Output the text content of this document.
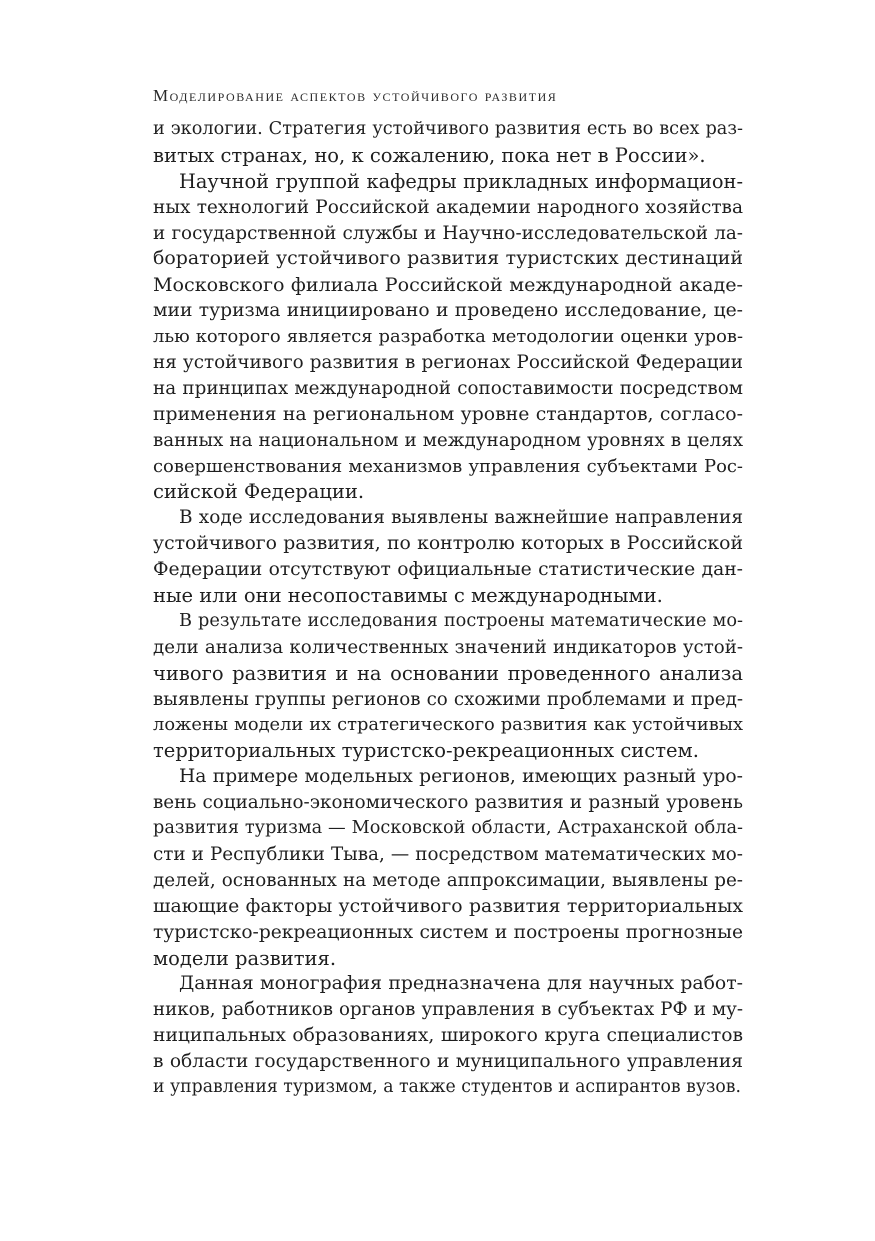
Моделирование аспектов устойчивого развития
и экологии. Стратегия устойчивого развития есть во всех раз-
витых странах, но, к сожалению, пока нет в России».
Научной группой кафедры прикладных информацион-
ных технологий Российской академии народного хозяйства
и государственной службы и Научно-исследовательской ла-
бораторией устойчивого развития туристских дестинаций
Московского филиала Российской международной акаде-
мии туризма инициировано и проведено исследование, це-
лью которого является разработка методологии оценки уров-
ня устойчивого развития в регионах Российской Федерации
на принципах международной сопоставимости посредством
применения на региональном уровне стандартов, согласо-
ванных на национальном и международном уровнях в целях
совершенствования механизмов управления субъектами Рос-
сийской Федерации.
В ходе исследования выявлены важнейшие направления
устойчивого развития, по контролю которых в Российской
Федерации отсутствуют официальные статистические дан-
ные или они несопоставимы с международными.
В результате исследования построены математические мо-
дели анализа количественных значений индикаторов устой-
чивого развития и на основании проведенного анализа
выявлены группы регионов со схожими проблемами и пред-
ложены модели их стратегического развития как устойчивых
территориальных туристско-рекреационных систем.
На примере модельных регионов, имеющих разный уро-
вень социально-экономического развития и разный уровень
развития туризма — Московской области, Астраханской обла-
сти и Республики Тыва, — посредством математических мо-
делей, основанных на методе аппроксимации, выявлены ре-
шающие факторы устойчивого развития территориальных
туристско-рекреационных систем и построены прогнозные
модели развития.
Данная монография предназначена для научных работ-
ников, работников органов управления в субъектах РФ и му-
ниципальных образованиях, широкого круга специалистов
в области государственного и муниципального управления
и управления туризмом, а также студентов и аспирантов вузов.
